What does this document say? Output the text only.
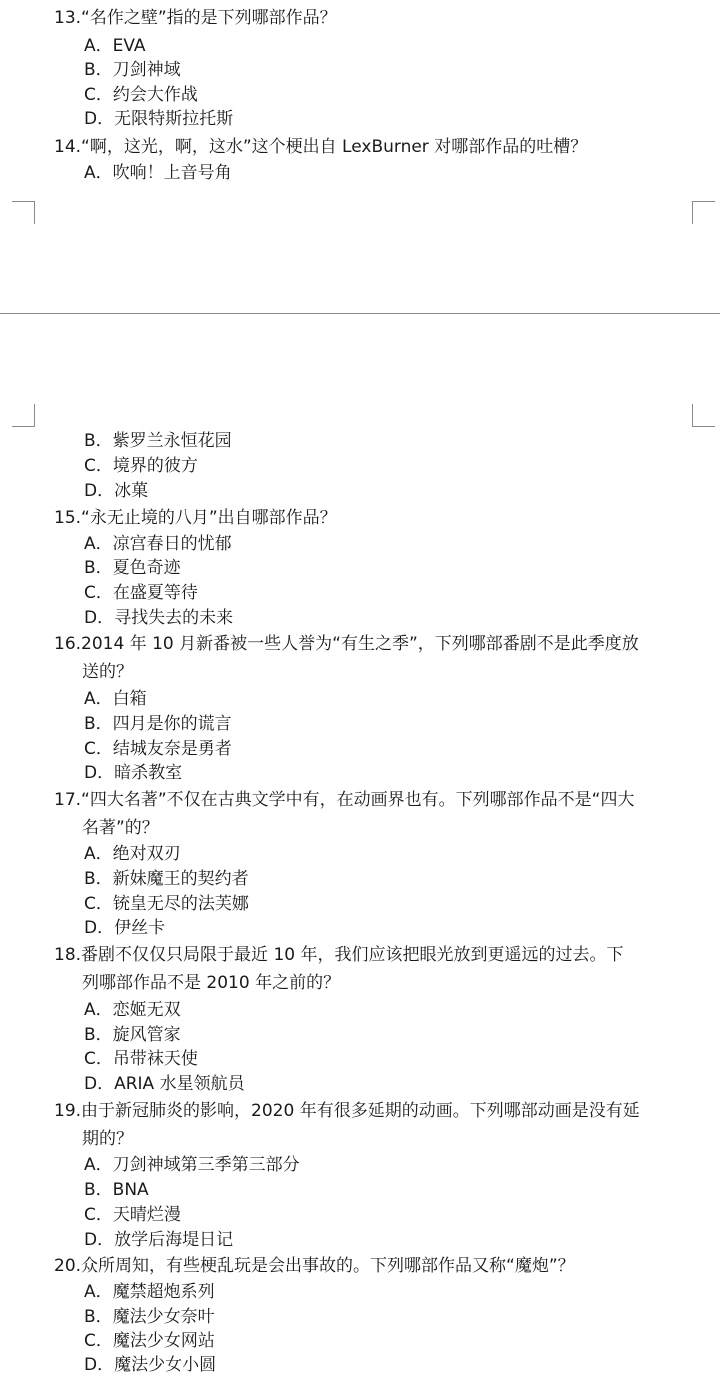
13.“名作之壁”指的是下列哪部作品？
A．EVA
B．刀剑神域
C．约会大作战
D．无限特斯拉托斯
14.“啊，这光，啊，这水”这个梗出自 LexBurner 对哪部作品的吐槽？
A．吹响！上音号角
B．紫罗兰永恒花园
C．境界的彼方
D．冰菓
15.“永无止境的八月”出自哪部作品？
A．凉宫春日的忧郁
B．夏色奇迹
C．在盛夏等待
D．寻找失去的未来
16.2014 年 10 月新番被一些人誉为“有生之季”，下列哪部番剧不是此季度放
送的？
A．白箱
B．四月是你的谎言
C．结城友奈是勇者
D．暗杀教室
17.“四大名著”不仅在古典文学中有，在动画界也有。下列哪部作品不是“四大
名著”的？
A．绝对双刃
B．新妹魔王的契约者
C．铳皇无尽的法芙娜
D．伊丝卡
18.番剧不仅仅只局限于最近 10 年，我们应该把眼光放到更遥远的过去。下
列哪部作品不是 2010 年之前的？
A．恋姬无双
B．旋风管家
C．吊带袜天使
D．ARIA 水星领航员
19.由于新冠肺炎的影响，2020 年有很多延期的动画。下列哪部动画是没有延
期的？
A．刀剑神域第三季第三部分
B．BNA
C．天晴烂漫
D．放学后海堤日记
20.众所周知，有些梗乱玩是会出事故的。下列哪部作品又称“魔炮”？
A．魔禁超炮系列
B．魔法少女奈叶
C．魔法少女网站
D．魔法少女小圆
